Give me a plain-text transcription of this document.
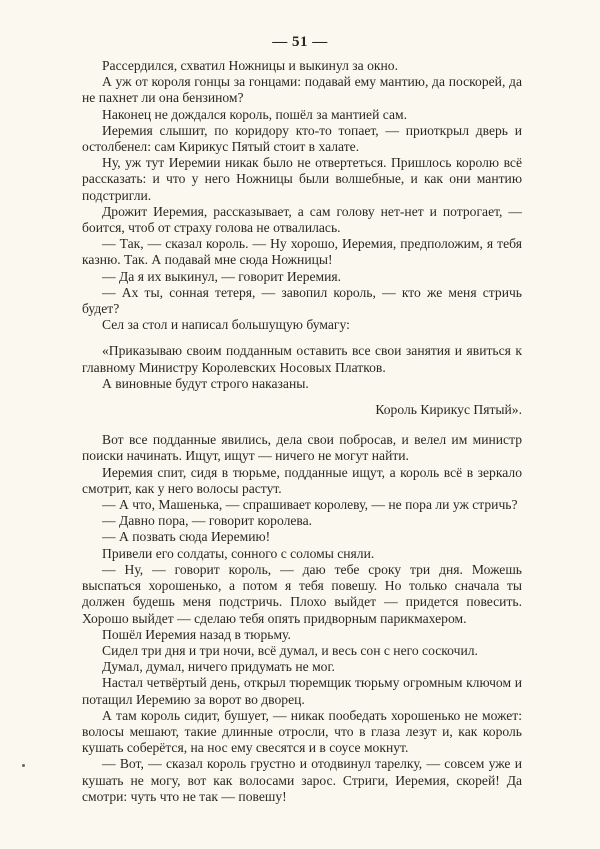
— 51 —

Рассердился, схватил Ножницы и выкинул за окно.

А уж от короля гонцы за гонцами: подавай ему мантию, да поскорей, да не пахнет ли она бензином?

Наконец не дождался король, пошёл за мантией сам.

Иеремия слышит, по коридору кто-то топает, — приоткрыл дверь и остолбенел: сам Кирикус Пятый стоит в халате.

Ну, уж тут Иеремии никак было не отвертеться. Пришлось королю всё рассказать: и что у него Ножницы были волшебные, и как они мантию подстригли.

Дрожит Иеремия, рассказывает, а сам голову нет-нет и потрогает, — боится, чтоб от страху голова не отвалилась.

— Так, — сказал король. — Ну хорошо, Иеремия, предположим, я тебя казню. Так. А подавай мне сюда Ножницы!

— Да я их выкинул, — говорит Иеремия.

— Ах ты, сонная тетеря, — завопил король, — кто же меня стричь будет?

Сел за стол и написал большущую бумагу:

«Приказываю своим подданным оставить все свои занятия и явиться к главному Министру Королевских Носовых Платков.

А виновные будут строго наказаны.

Король Кирикус Пятый».

Вот все подданные явились, дела свои побросав, и велел им министр поиски начинать. Ищут, ищут — ничего не могут найти.

Иеремия спит, сидя в тюрьме, подданные ищут, а король всё в зеркало смотрит, как у него волосы растут.

— А что, Машенька, — спрашивает королеву, — не пора ли уж стричь?

— Давно пора, — говорит королева.

— А позвать сюда Иеремию!

Привели его солдаты, сонного с соломы сняли.

— Ну, — говорит король, — даю тебе сроку три дня. Можешь выспаться хорошенько, а потом я тебя повешу. Но только сначала ты должен будешь меня подстричь. Плохо выйдет — придется повесить. Хорошо выйдет — сделаю тебя опять придворным парикмахером.

Пошёл Иеремия назад в тюрьму.

Сидел три дня и три ночи, всё думал, и весь сон с него соскочил.

Думал, думал, ничего придумать не мог.

Настал четвёртый день, открыл тюремщик тюрьму огромным ключом и потащил Иеремию за ворот во дворец.

А там король сидит, бушует, — никак пообедать хорошенько не может: волосы мешают, такие длинные отросли, что в глаза лезут и, как король кушать соберётся, на нос ему свесятся и в соусе мокнут.

— Вот, — сказал король грустно и отодвинул тарелку, — совсем уже и кушать не могу, вот как волосами зарос. Стриги, Иеремия, скорей! Да смотри: чуть что не так — повешу!
